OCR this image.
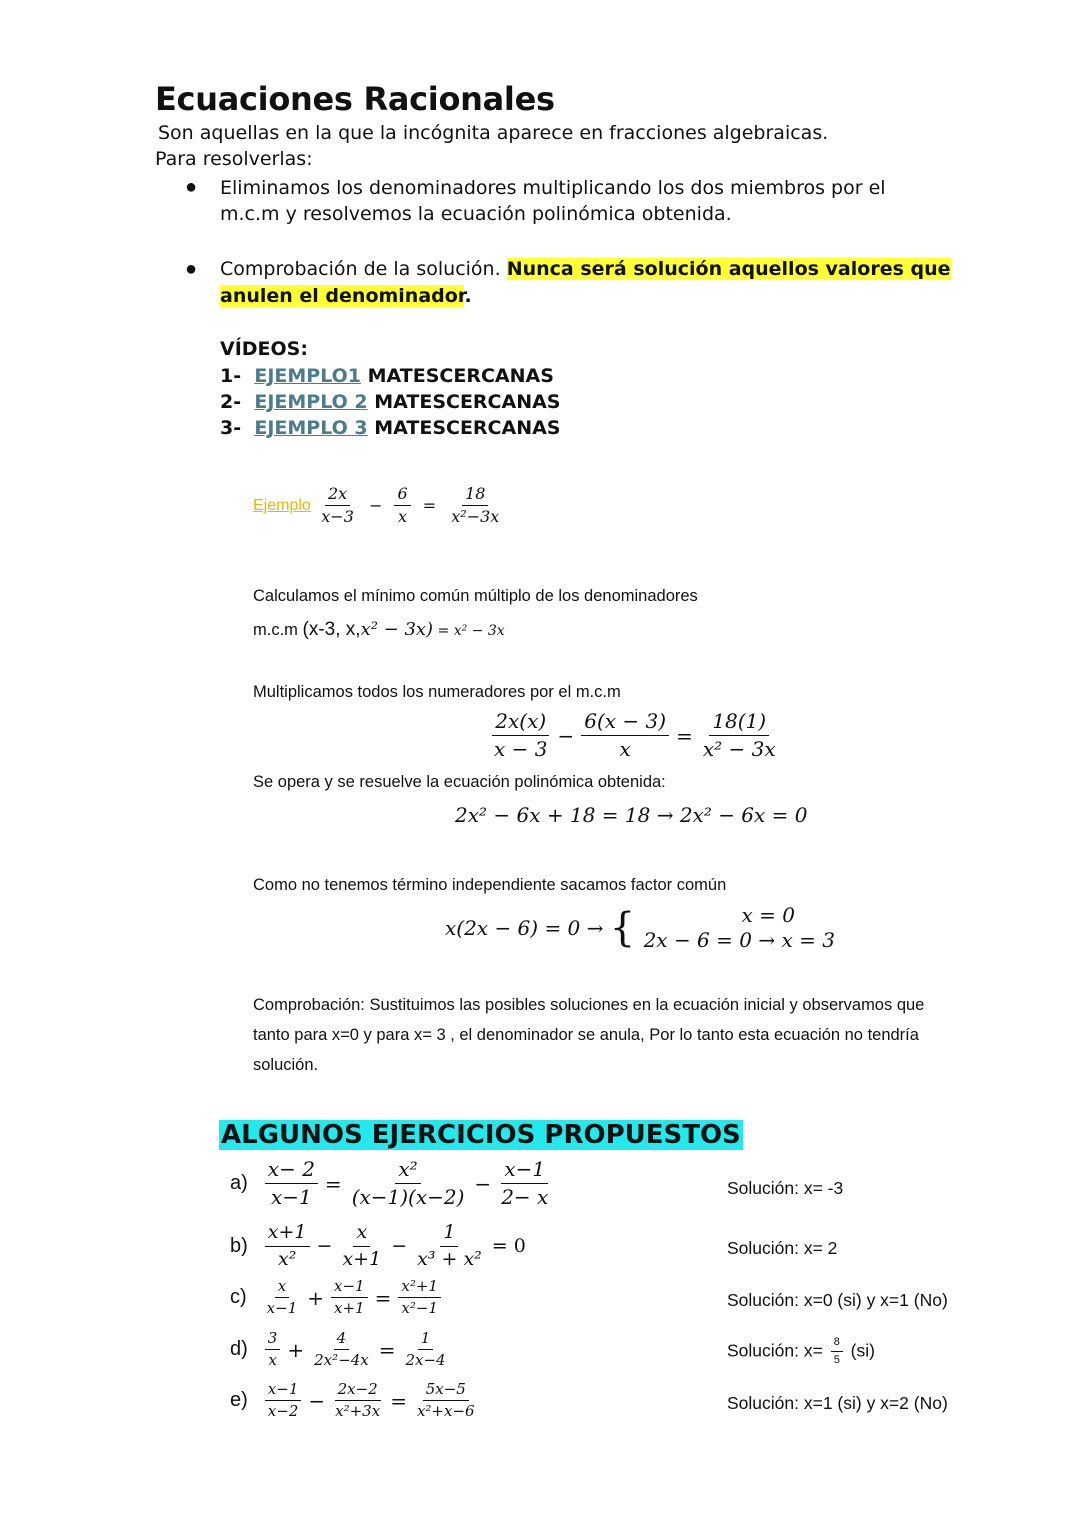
Ecuaciones Racionales
Son aquellas en la que la incógnita aparece en fracciones algebraicas.
Para resolverlas:
● Eliminamos los denominadores multiplicando los dos miembros por el
m.c.m y resolvemos la ecuación polinómica obtenida.
● Comprobación de la solución. Nunca será solución aquellos valores que
anulen el denominador.
VÍDEOS:
1- EJEMPLO1 MATESCERCANAS
2- EJEMPLO 2 MATESCERCANAS
3- EJEMPLO 3 MATESCERCANAS
Ejemplo $\frac{2x}{x-3} - \frac{6}{x} = \frac{18}{\text{x²−3x}}$
Calculamos el mínimo común múltiplo de los denominadores
m.c.m (x-3, x,x² − 3x) = x² − 3x
Multiplicamos todos los numeradores por el m.c.m
$\frac{2x(x)}{x - 3} - \frac{6(x - 3)}{x} = \frac{18(1)}{\text{x² − 3x}}$
Se opera y se resuelve la ecuación polinómica obtenida:
2x² − 6x + 18 = 18 → 2x² − 6x = 0
Como no tenemos término independiente sacamos factor común
x(2x − 6) = 0 → {	x = 0
2x − 6 = 0 → x = 3
Comprobación: Sustituimos las posibles soluciones en la ecuación inicial y observamos que
tanto para x=0 y para x= 3 , el denominador se anula, Por lo tanto esta ecuación no tendría
solución.
ALGUNOS EJERCICIOS PROPUESTOS
$a) \frac{x- 2}{x-1} = \frac{\text{x²}}{(x-1)(x-2)} - \frac{x-1}{2- x}$	Solución: x= -3
$b) \frac{x+1}{\text{x²}} - \frac{x}{x+1} - \frac{1}{\text{x³ + x²}} = 0$	Solución: x= 2
$c) \frac{x}{x-1} + \frac{x-1}{x+1} = \frac{\text{x²+1}}{\text{x²−1}}$	Solución: x=0 (si) y x=1 (No)
$d) \frac{3}{x} + \frac{4}{\text{2x²−4x}} = \frac{1}{2x-4}$	Solución: $x= \frac{8}{5} (si)$
$e) \frac{x-1}{x-2} - \frac{2x-2}{\text{x²+3x}} = \frac{5x-5}{\text{x²+x−6}}$	Solución: x=1 (si) y x=2 (No)
